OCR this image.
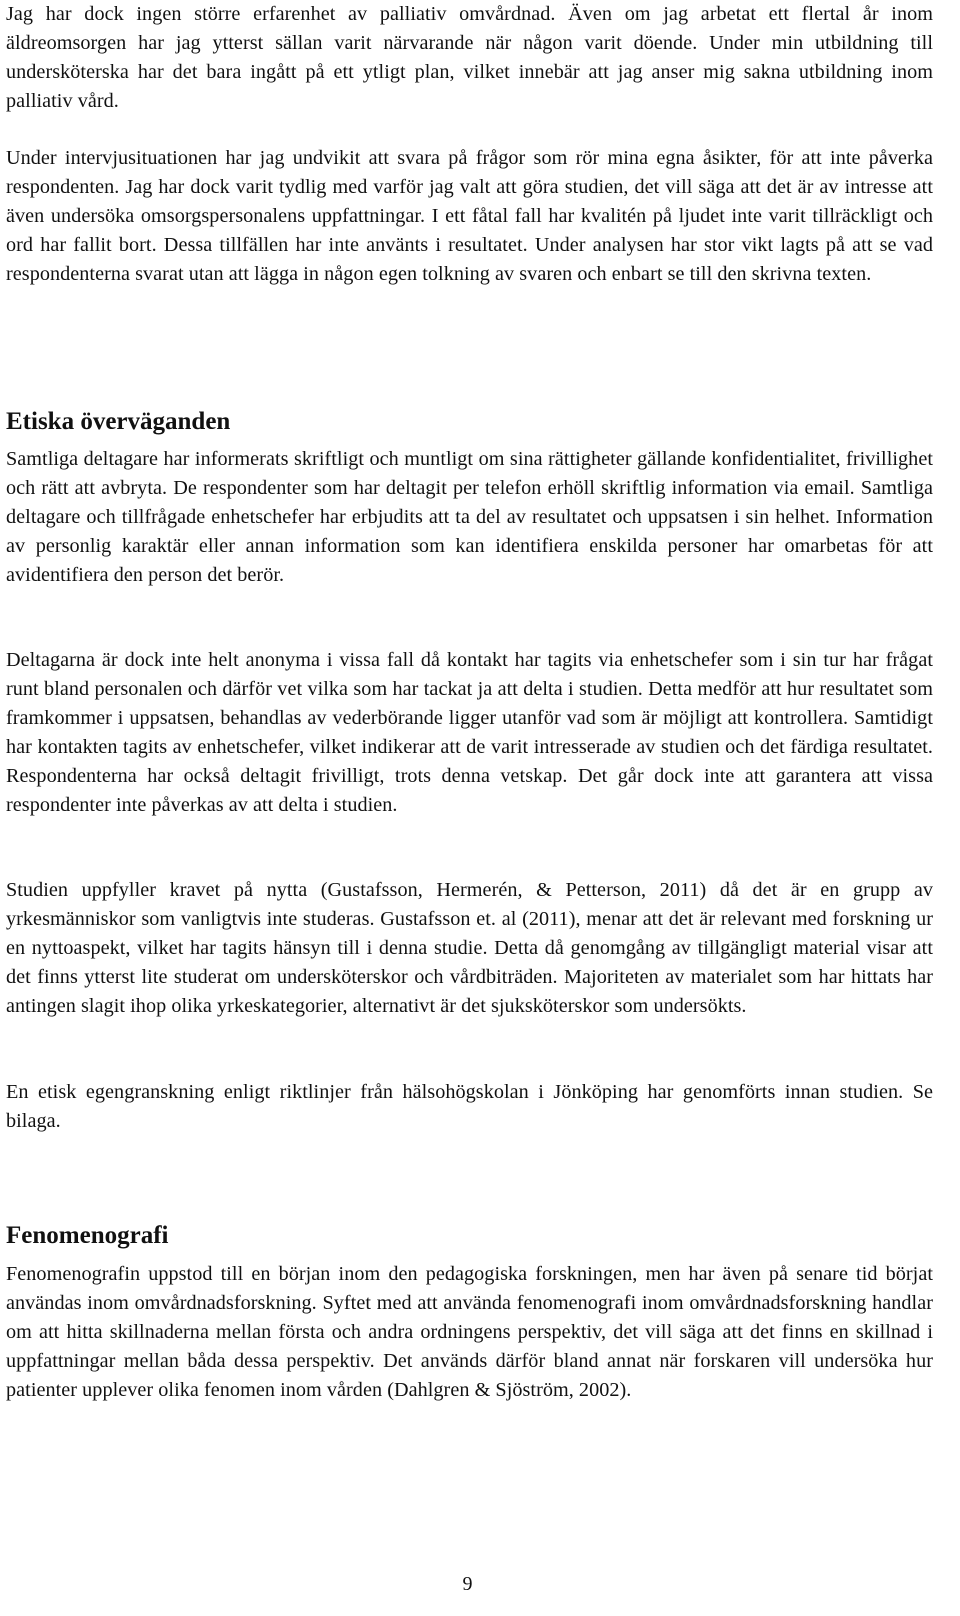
Jag har dock ingen större erfarenhet av palliativ omvårdnad. Även om jag arbetat ett flertal år inom äldreomsorgen har jag ytterst sällan varit närvarande när någon varit döende. Under min utbildning till undersköterska har det bara ingått på ett ytligt plan, vilket innebär att jag anser mig sakna utbildning inom palliativ vård.

Under intervjusituationen har jag undvikit att svara på frågor som rör mina egna åsikter, för att inte påverka respondenten. Jag har dock varit tydlig med varför jag valt att göra studien, det vill säga att det är av intresse att även undersöka omsorgspersonalens uppfattningar. I ett fåtal fall har kvalitén på ljudet inte varit tillräckligt och ord har fallit bort. Dessa tillfällen har inte använts i resultatet. Under analysen har stor vikt lagts på att se vad respondenterna svarat utan att lägga in någon egen tolkning av svaren och enbart se till den skrivna texten.

Etiska överväganden

Samtliga deltagare har informerats skriftligt och muntligt om sina rättigheter gällande konfidentialitet, frivillighet och rätt att avbryta. De respondenter som har deltagit per telefon erhöll skriftlig information via email. Samtliga deltagare och tillfrågade enhetschefer har erbjudits att ta del av resultatet och uppsatsen i sin helhet. Information av personlig karaktär eller annan information som kan identifiera enskilda personer har omarbetas för att avidentifiera den person det berör.

Deltagarna är dock inte helt anonyma i vissa fall då kontakt har tagits via enhetschefer som i sin tur har frågat runt bland personalen och därför vet vilka som har tackat ja att delta i studien. Detta medför att hur resultatet som framkommer i uppsatsen, behandlas av vederbörande ligger utanför vad som är möjligt att kontrollera. Samtidigt har kontakten tagits av enhetschefer, vilket indikerar att de varit intresserade av studien och det färdiga resultatet. Respondenterna har också deltagit frivilligt, trots denna vetskap. Det går dock inte att garantera att vissa respondenter inte påverkas av att delta i studien.

Studien uppfyller kravet på nytta (Gustafsson, Hermerén, & Petterson, 2011) då det är en grupp av yrkesmänniskor som vanligtvis inte studeras. Gustafsson et. al (2011), menar att det är relevant med forskning ur en nyttoaspekt, vilket har tagits hänsyn till i denna studie. Detta då genomgång av tillgängligt material visar att det finns ytterst lite studerat om undersköterskor och vårdbiträden. Majoriteten av materialet som har hittats har antingen slagit ihop olika yrkeskategorier, alternativt är det sjuksköterskor som undersökts.

En etisk egengranskning enligt riktlinjer från hälsohögskolan i Jönköping har genomförts innan studien. Se bilaga.

Fenomenografi

Fenomenografin uppstod till en början inom den pedagogiska forskningen, men har även på senare tid börjat användas inom omvårdnadsforskning. Syftet med att använda fenomenografi inom omvårdnadsforskning handlar om att hitta skillnaderna mellan första och andra ordningens perspektiv, det vill säga att det finns en skillnad i uppfattningar mellan båda dessa perspektiv. Det används därför bland annat när forskaren vill undersöka hur patienter upplever olika fenomen inom vården (Dahlgren & Sjöström, 2002).

9
